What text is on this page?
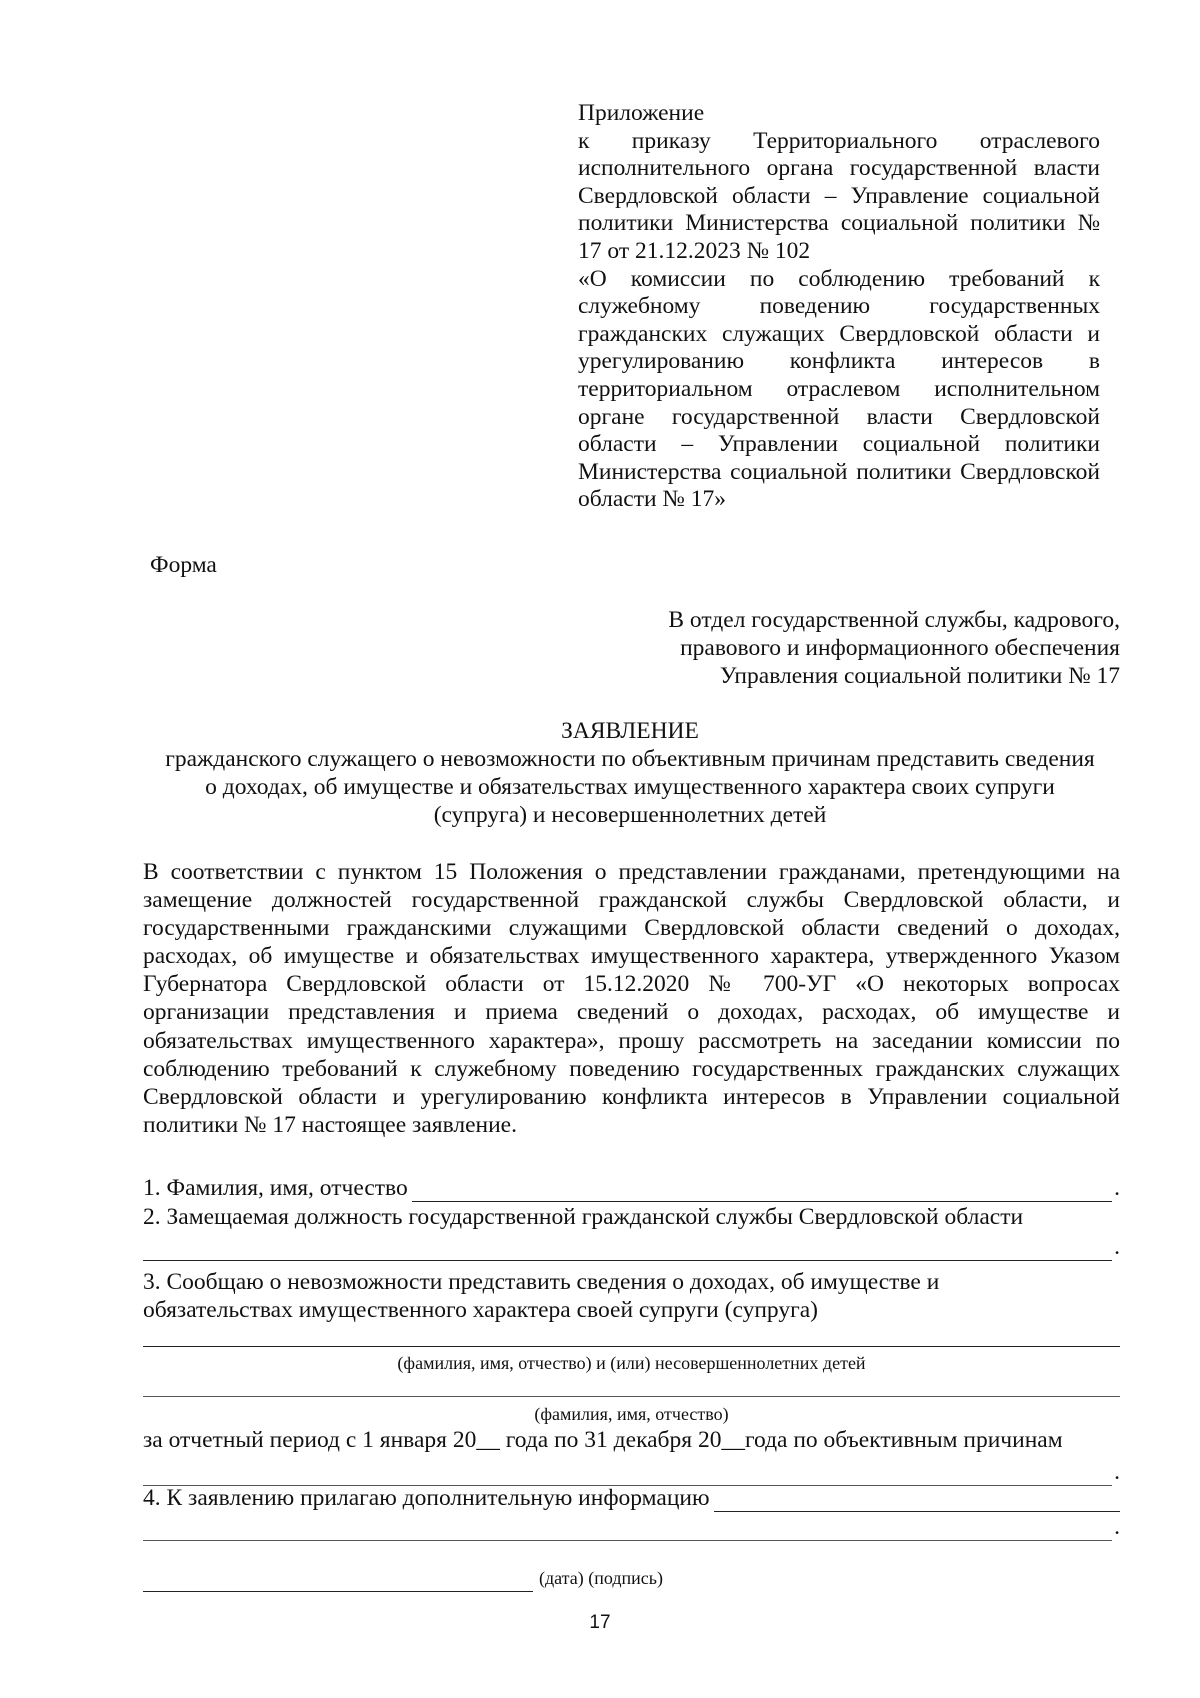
Приложение

к приказу Территориального отраслевого исполнительного органа государственной власти Свердловской области – Управление социальной политики Министерства социальной политики № 17 от 21.12.2023 № 102

«О комиссии по соблюдению требований к служебному поведению государственных гражданских служащих Свердловской области и урегулированию конфликта интересов в территориальном отраслевом исполнительном органе государственной власти Свердловской области – Управлении социальной политики Министерства социальной политики Свердловской области № 17»

Форма
В отдел государственной службы, кадрового,
правового и информационного обеспечения
Управления социальной политики № 17
ЗАЯВЛЕНИЕ
гражданского служащего о невозможности по объективным причинам представить сведения
о доходах, об имуществе и обязательствах имущественного характера своих супруги
(супруга) и несовершеннолетних детей

В соответствии с пунктом 15 Положения о представлении гражданами, претендующими на замещение должностей государственной гражданской службы Свердловской области, и государственными гражданскими служащими Свердловской области сведений о доходах, расходах, об имуществе и обязательствах имущественного характера, утвержденного Указом Губернатора Свердловской области от 15.12.2020 № 700-УГ «О некоторых вопросах организации представления и приема сведений о доходах, расходах, об имуществе и обязательствах имущественного характера», прошу рассмотреть на заседании комиссии по соблюдению требований к служебному поведению государственных гражданских служащих Свердловской области и урегулированию конфликта интересов в Управлении социальной политики № 17 настоящее заявление.

1. Фамилия, имя, отчество	.
2. Замещаемая должность государственной гражданской службы Свердловской области
.
3. Сообщаю о невозможности представить сведения о доходах, об имуществе и
обязательствах имущественного характера своей супруги (супруга)
(фамилия, имя, отчество) и (или) несовершеннолетних детей
(фамилия, имя, отчество)
за отчетный период с 1 января 20__ года по 31 декабря 20__года по объективным причинам
.
4. К заявлению прилагаю дополнительную информацию
.
(дата) (подпись)
17
